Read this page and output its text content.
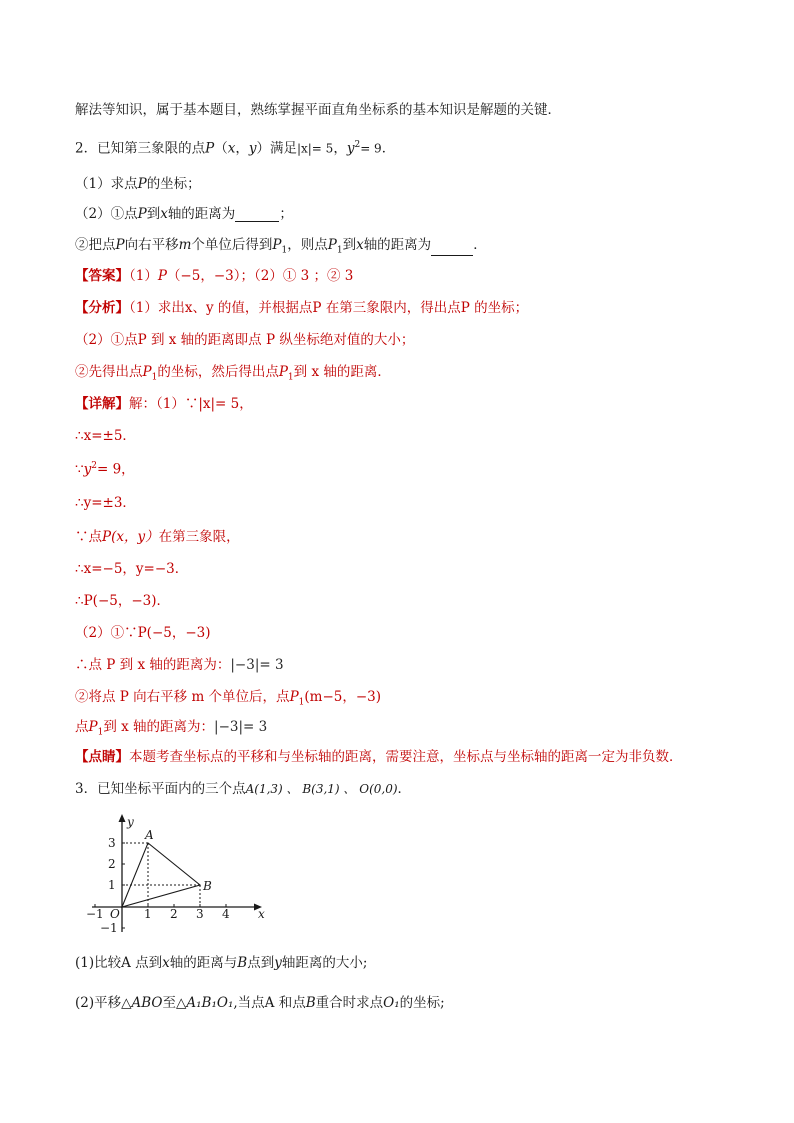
解法等知识，属于基本题目，熟练掌握平面直角坐标系的基本知识是解题的关键．
2．已知第三象限的点P（x，y）满足|x|= 5，$y^2= 9$．
（1）求点P的坐标；
（2）①点P到x轴的距离为	；
②把点P向右平移m个单位后得到$P_1$，则点$P_1$到x轴的距离为	．
【答案】（1）P（−5，−3）；（2）① 3 ；② 3
【分析】（1）求出x、y 的值，并根据点P 在第三象限内，得出点P 的坐标；
（2）①点P 到 x 轴的距离即点 P 纵坐标绝对值的大小；
②先得出点$P_1$的坐标，然后得出点$P_1$到 x 轴的距离．
【详解】解：（1）∵|x|= 5，
∴x=±5．
$\because y^2= 9$，
∴y=±3．
∵点P(x，y）在第三象限，
∴x=−5，y=−3．
∴P(−5，−3)．
（2）①∵P(−5，−3)
∴点 P 到 x 轴的距离为：|−3|= 3
②将点 P 向右平移 m 个单位后，点$P_1(m-5$，−3)
点$P_1$到 x 轴的距离为：|−3|= 3
【点睛】本题考查坐标点的平移和与坐标轴的距离，需要注意，坐标点与坐标轴的距离一定为非负数．
3．已知坐标平面内的三个点A(1,3) 、 B(3,1) 、 O(0,0)．
x
y
O
−1	1 2 3 4
3
2
1
−1
A
B
(1)比较A 点到x轴的距离与B点到y轴距离的大小;
(2)平移△ABO至△A₁B₁O₁,当点A 和点B重合时求点O₁的坐标;
